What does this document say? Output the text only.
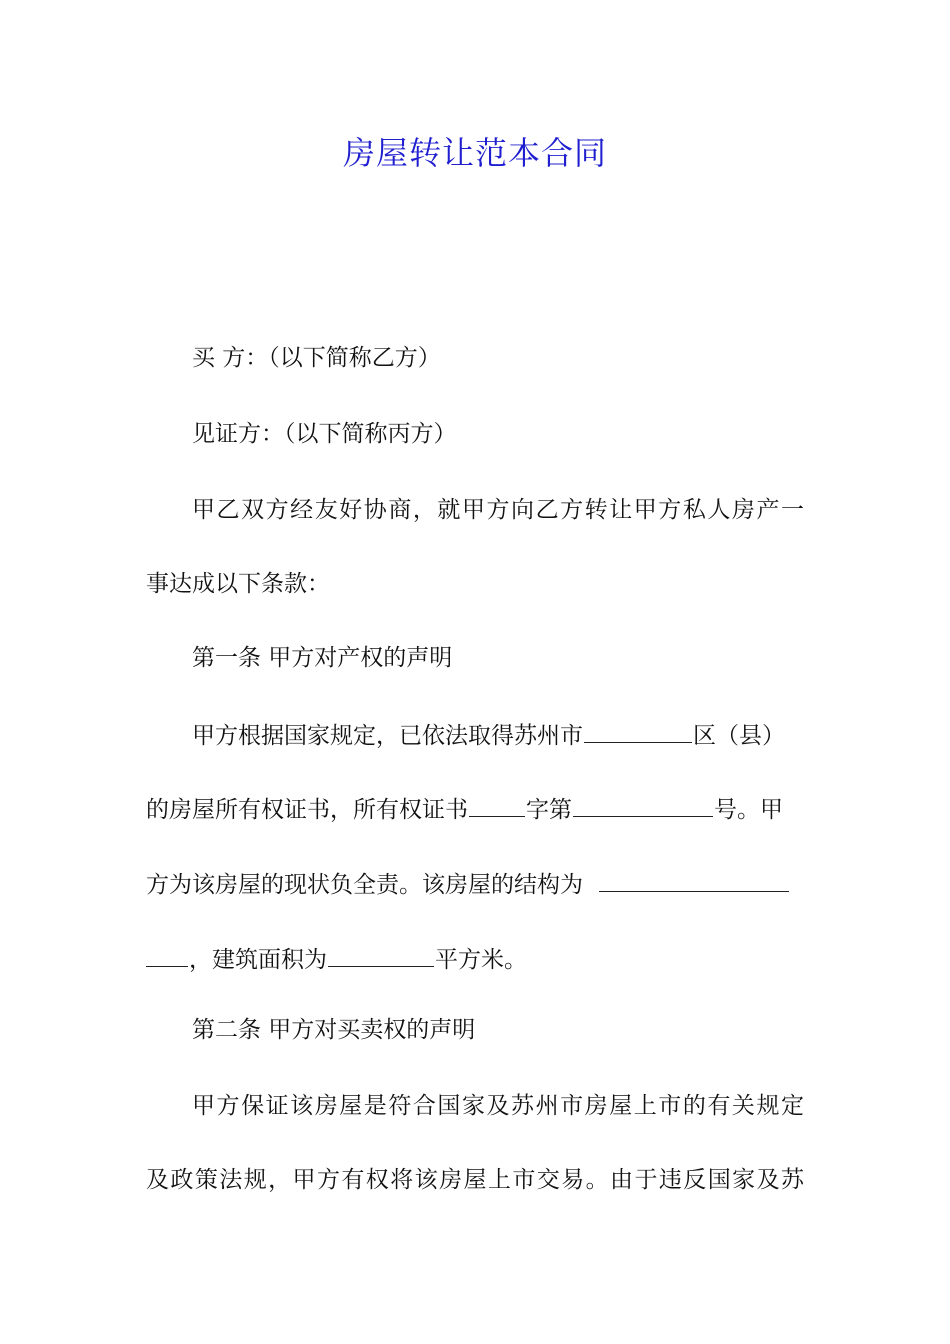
房屋转让范本合同
买 方：（以下简称乙方）
见证方：（以下简称丙方）
甲乙双方经友好协商，就甲方向乙方转让甲方私人房产一
事达成以下条款：
第一条 甲方对产权的声明
甲方根据国家规定，已依法取得苏州市	区（县）
的房屋所有权证书，所有权证书	字第	号。甲
方为该房屋的现状负全责。该房屋的结构为
，建筑面积为	平方米。
第二条 甲方对买卖权的声明
甲方保证该房屋是符合国家及苏州市房屋上市的有关规定
及政策法规，甲方有权将该房屋上市交易。由于违反国家及苏
